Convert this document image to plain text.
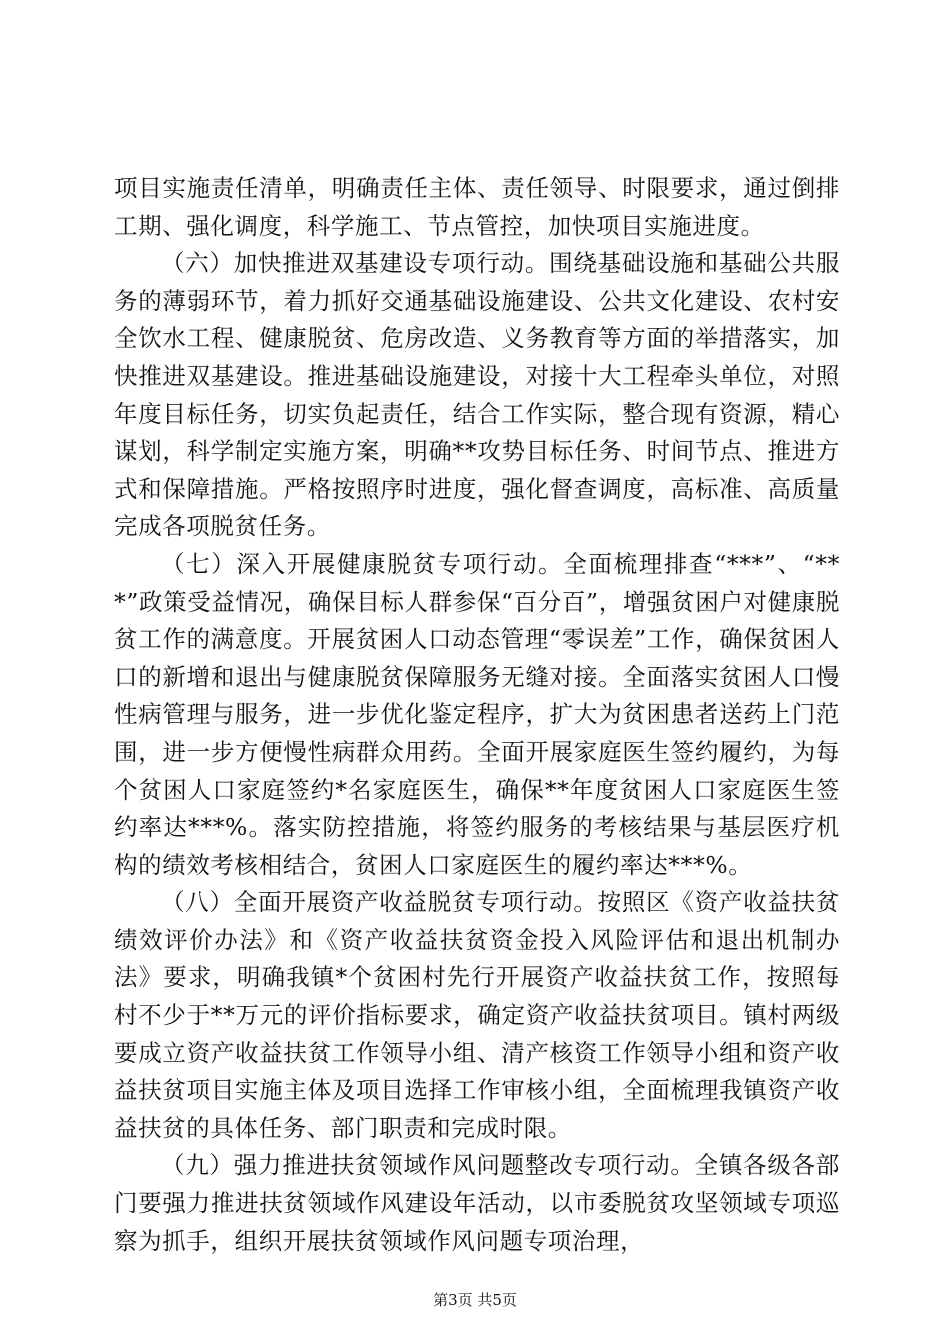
项目实施责任清单，明确责任主体、责任领导、时限要求，通过倒排工期、强化调度，科学施工、节点管控，加快项目实施进度。

（六）加快推进双基建设专项行动。围绕基础设施和基础公共服务的薄弱环节，着力抓好交通基础设施建设、公共文化建设、农村安全饮水工程、健康脱贫、危房改造、义务教育等方面的举措落实，加快推进双基建设。推进基础设施建设，对接十大工程牵头单位，对照年度目标任务，切实负起责任，结合工作实际，整合现有资源，精心谋划，科学制定实施方案，明确**攻势目标任务、时间节点、推进方式和保障措施。严格按照序时进度，强化督查调度，高标准、高质量完成各项脱贫任务。

（七）深入开展健康脱贫专项行动。全面梳理排查“***”、“***”政策受益情况，确保目标人群参保“百分百”，增强贫困户对健康脱贫工作的满意度。开展贫困人口动态管理“零误差”工作，确保贫困人口的新增和退出与健康脱贫保障服务无缝对接。全面落实贫困人口慢性病管理与服务，进一步优化鉴定程序，扩大为贫困患者送药上门范围，进一步方便慢性病群众用药。全面开展家庭医生签约履约，为每个贫困人口家庭签约*名家庭医生，确保**年度贫困人口家庭医生签约率达***%。落实防控措施，将签约服务的考核结果与基层医疗机构的绩效考核相结合，贫困人口家庭医生的履约率达***%。

（八）全面开展资产收益脱贫专项行动。按照区《资产收益扶贫绩效评价办法》和《资产收益扶贫资金投入风险评估和退出机制办法》要求，明确我镇*个贫困村先行开展资产收益扶贫工作，按照每村不少于**万元的评价指标要求，确定资产收益扶贫项目。镇村两级要成立资产收益扶贫工作领导小组、清产核资工作领导小组和资产收益扶贫项目实施主体及项目选择工作审核小组，全面梳理我镇资产收益扶贫的具体任务、部门职责和完成时限。

（九）强力推进扶贫领域作风问题整改专项行动。全镇各级各部门要强力推进扶贫领域作风建设年活动，以市委脱贫攻坚领域专项巡察为抓手，组织开展扶贫领域作风问题专项治理，

第3页 共5页
